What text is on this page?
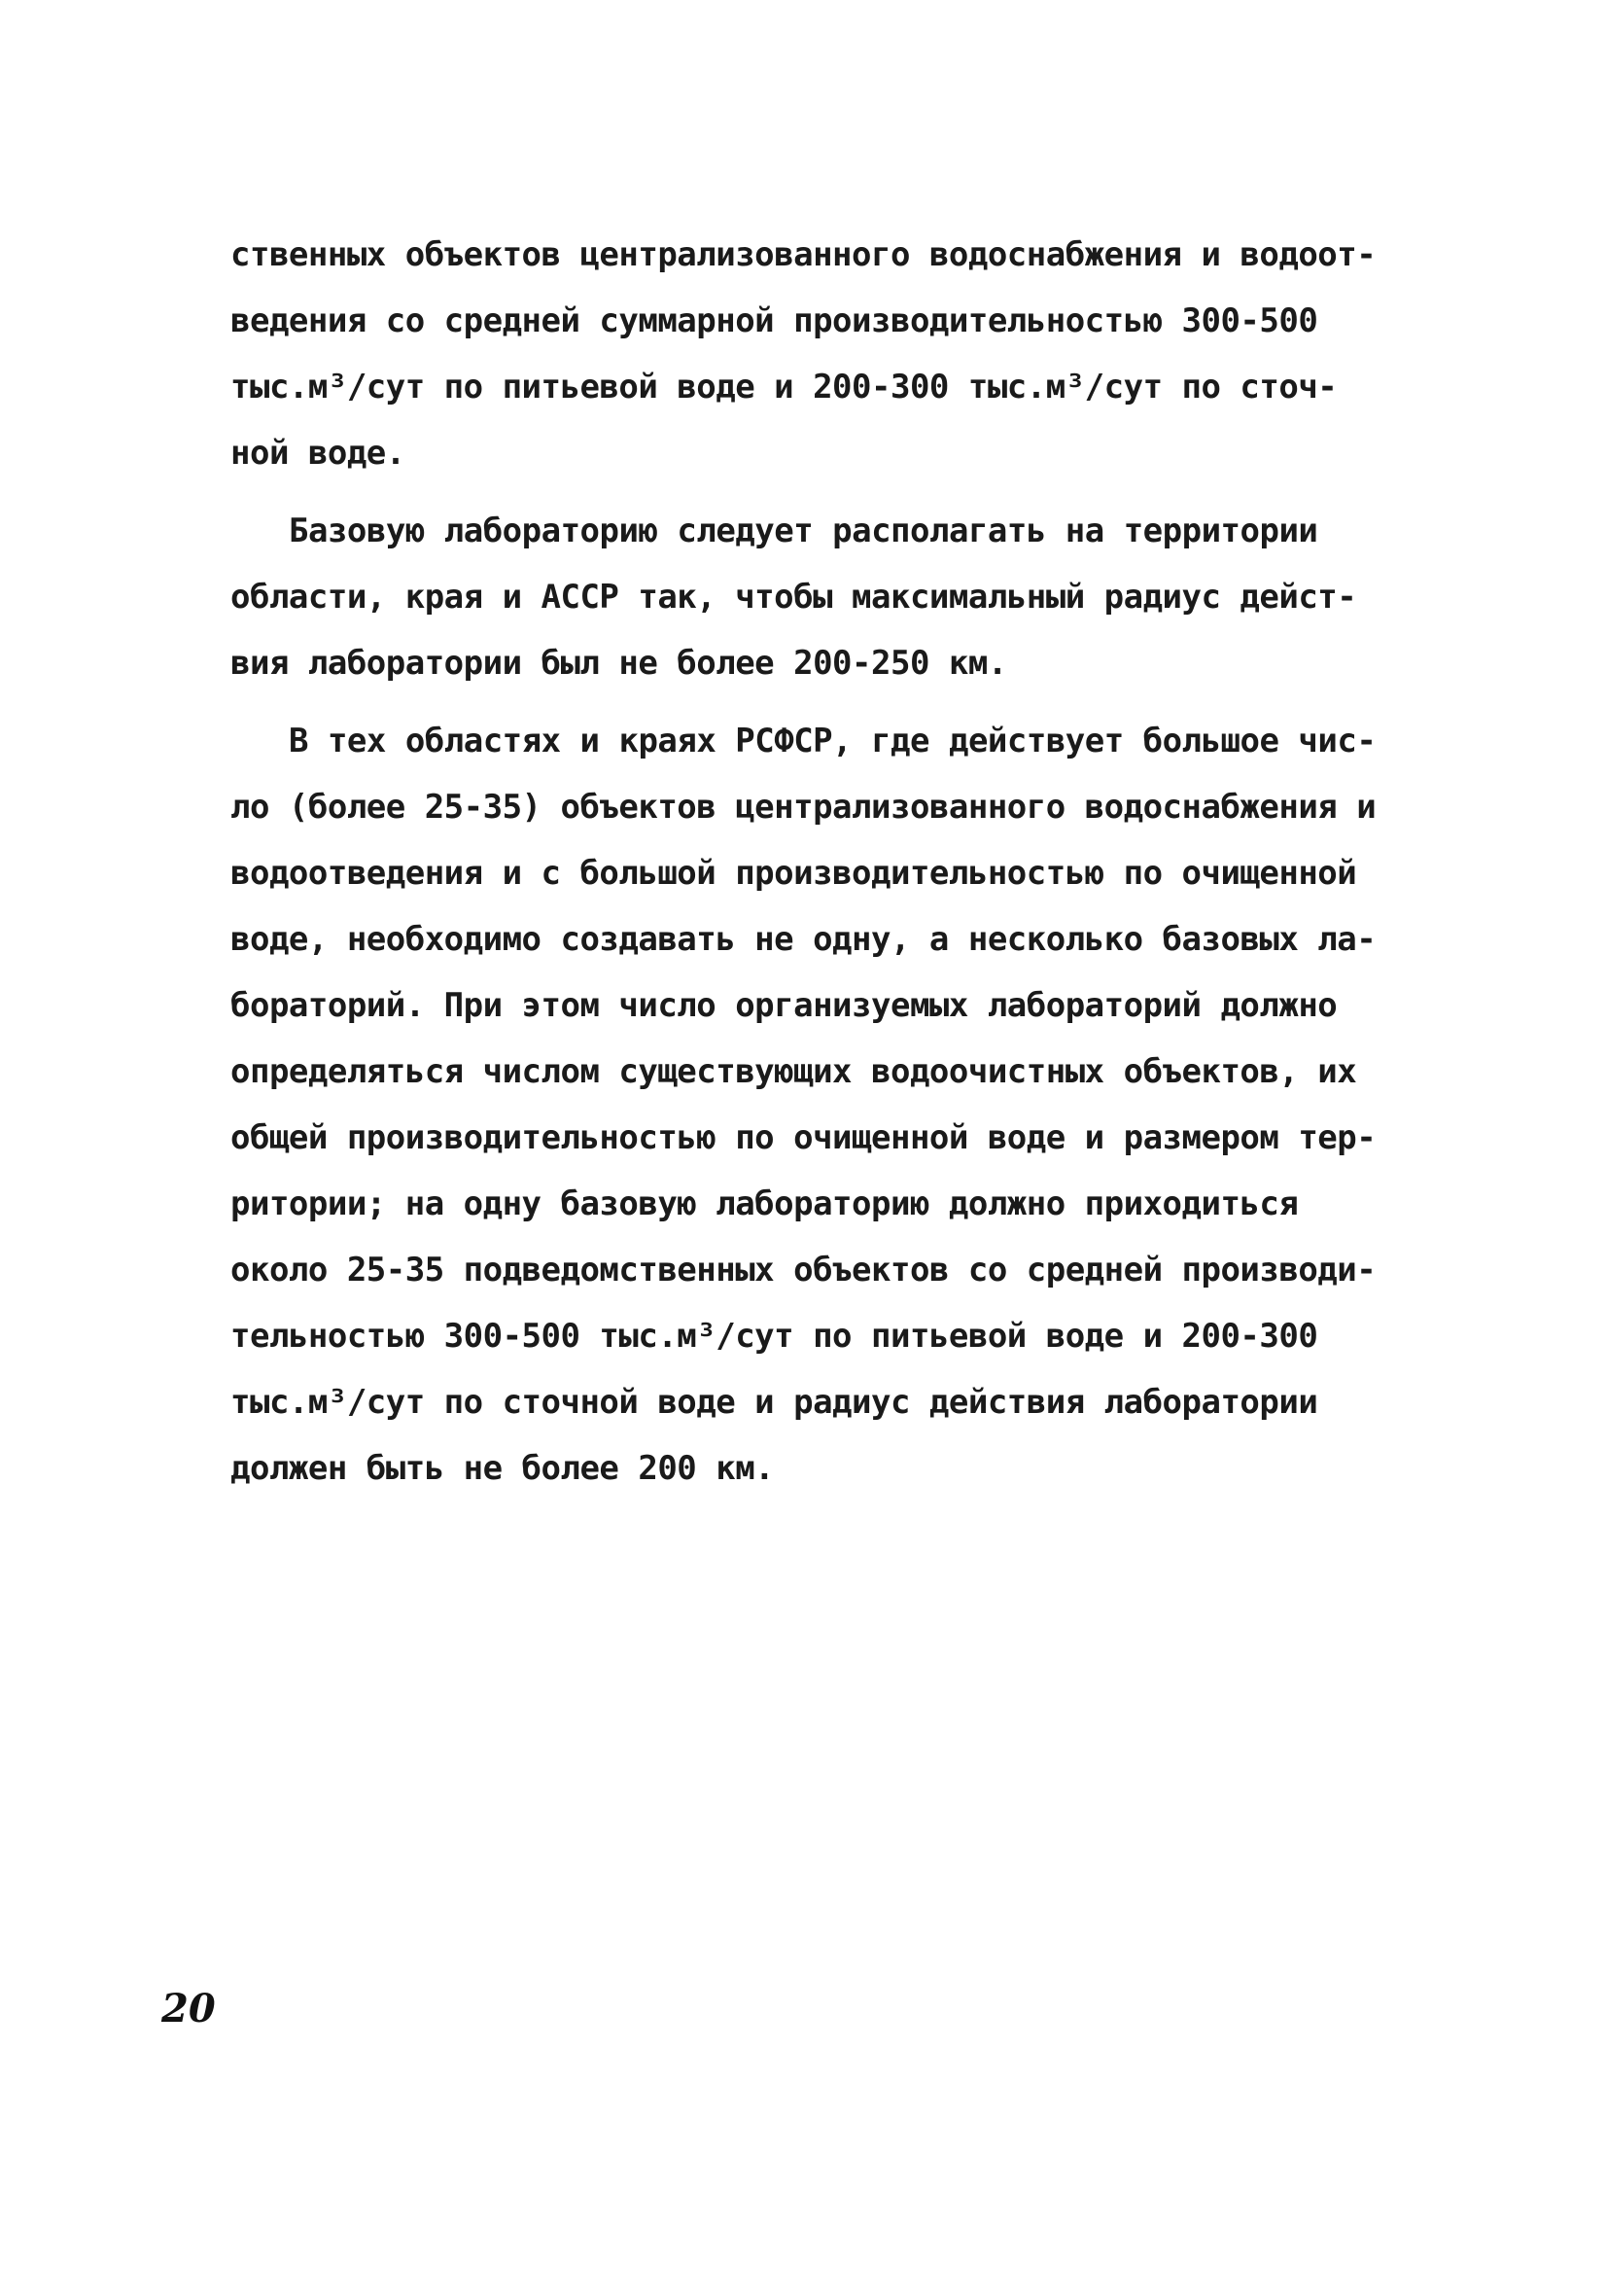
ственных объектов централизованного водоснабжения и водоот-
ведения со средней суммарной производительностью 300-500
тыс.м³/сут по питьевой воде и 200-300 тыс.м³/сут по сточ-
ной воде.
Базовую лабораторию следует располагать на территории
области, края и АССР так, чтобы максимальный радиус дейст-
вия лаборатории был не более 200-250 км.
В тех областях и краях РСФСР, где действует большое чис-
ло (более 25-35) объектов централизованного водоснабжения и
водоотведения и с большой производительностью по очищенной
воде, необходимо создавать не одну, а несколько базовых ла-
бораторий. При этом число организуемых лабораторий должно
определяться числом существующих водоочистных объектов, их
общей производительностью по очищенной воде и размером тер-
ритории; на одну базовую лабораторию должно приходиться
около 25-35 подведомственных объектов со средней производи-
тельностью 300-500 тыс.м³/сут по питьевой воде и 200-300
тыс.м³/сут по сточной воде и радиус действия лаборатории
должен быть не более 200 км.
20
